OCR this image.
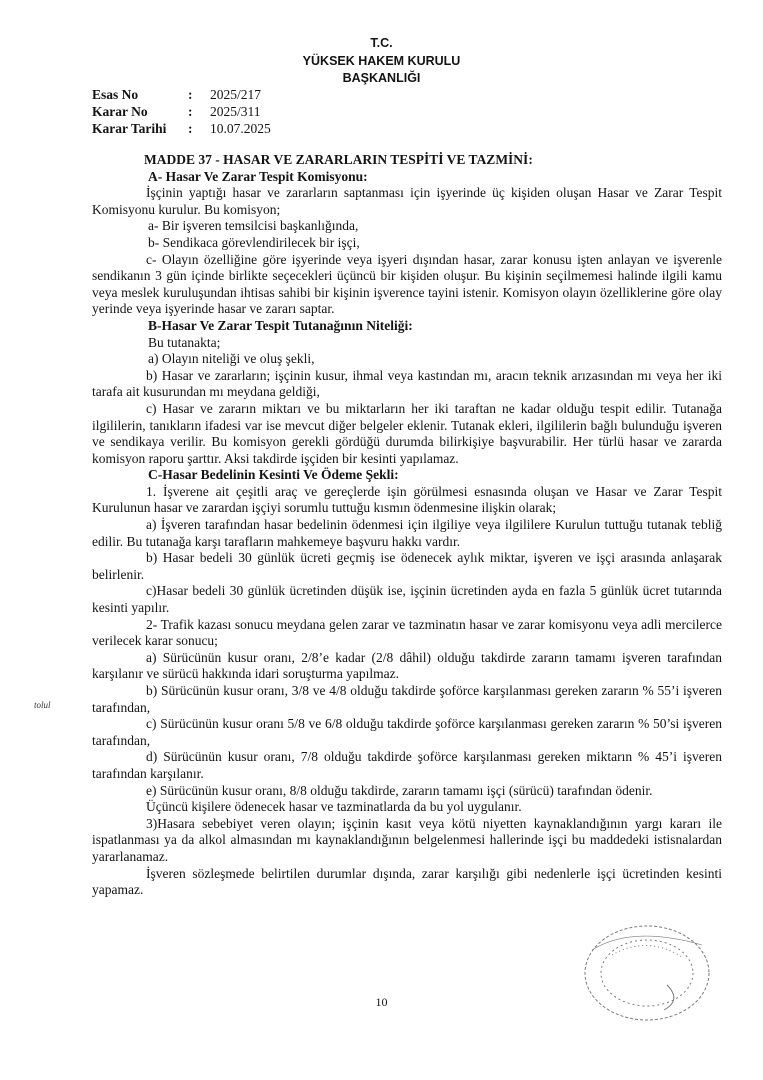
T.C.
YÜKSEK HAKEM KURULU
BAŞKANLIĞI
Esas No	:	2025/217
Karar No	:	2025/311
Karar Tarihi	:	10.07.2025

MADDE 37 - HASAR VE ZARARLARIN TESPİTİ VE TAZMİNİ:

A- Hasar Ve Zarar Tespit Komisyonu:

İşçinin yaptığı hasar ve zararların saptanması için işyerinde üç kişiden oluşan Hasar ve Zarar Tespit Komisyonu kurulur. Bu komisyon;

a- Bir işveren temsilcisi başkanlığında,

b- Sendikaca görevlendirilecek bir işçi,

c- Olayın özelliğine göre işyerinde veya işyeri dışından hasar, zarar konusu işten anlayan ve işverenle sendikanın 3 gün içinde birlikte seçecekleri üçüncü bir kişiden oluşur. Bu kişinin seçilmemesi halinde ilgili kamu veya meslek kuruluşundan ihtisas sahibi bir kişinin işverence tayini istenir. Komisyon olayın özelliklerine göre olay yerinde veya işyerinde hasar ve zararı saptar.

B-Hasar Ve Zarar Tespit Tutanağının Niteliği:

Bu tutanakta;

a) Olayın niteliği ve oluş şekli,

b) Hasar ve zararların; işçinin kusur, ihmal veya kastından mı, aracın teknik arızasından mı veya her iki tarafa ait kusurundan mı meydana geldiği,

c) Hasar ve zararın miktarı ve bu miktarların her iki taraftan ne kadar olduğu tespit edilir. Tutanağa ilgililerin, tanıkların ifadesi var ise mevcut diğer belgeler eklenir. Tutanak ekleri, ilgililerin bağlı bulunduğu işveren ve sendikaya verilir. Bu komisyon gerekli gördüğü durumda bilirkişiye başvurabilir. Her türlü hasar ve zararda komisyon raporu şarttır. Aksi takdirde işçiden bir kesinti yapılamaz.

C-Hasar Bedelinin Kesinti Ve Ödeme Şekli:

1. İşverene ait çeşitli araç ve gereçlerde işin görülmesi esnasında oluşan ve Hasar ve Zarar Tespit Kurulunun hasar ve zarardan işçiyi sorumlu tuttuğu kısmın ödenmesine ilişkin olarak;

a) İşveren tarafından hasar bedelinin ödenmesi için ilgiliye veya ilgililere Kurulun tuttuğu tutanak tebliğ edilir. Bu tutanağa karşı tarafların mahkemeye başvuru hakkı vardır.

b) Hasar bedeli 30 günlük ücreti geçmiş ise ödenecek aylık miktar, işveren ve işçi arasında anlaşarak belirlenir.

c)Hasar bedeli 30 günlük ücretinden düşük ise, işçinin ücretinden ayda en fazla 5 günlük ücret tutarında kesinti yapılır.

2- Trafik kazası sonucu meydana gelen zarar ve tazminatın hasar ve zarar komisyonu veya adli mercilerce verilecek karar sonucu;

a) Sürücünün kusur oranı, 2/8’e kadar (2/8 dâhil) olduğu takdirde zararın tamamı işveren tarafından karşılanır ve sürücü hakkında idari soruşturma yapılmaz.

b) Sürücünün kusur oranı, 3/8 ve 4/8 olduğu takdirde şoförce karşılanması gereken zararın % 55’i işveren tarafından,

c) Sürücünün kusur oranı 5/8 ve 6/8 olduğu takdirde şoförce karşılanması gereken zararın % 50’si işveren tarafından,

d) Sürücünün kusur oranı, 7/8 olduğu takdirde şoförce karşılanması gereken miktarın % 45’i işveren tarafından karşılanır.

e) Sürücünün kusur oranı, 8/8 olduğu takdirde, zararın tamamı işçi (sürücü) tarafından ödenir.

Üçüncü kişilere ödenecek hasar ve tazminatlarda da bu yol uygulanır.

3)Hasara sebebiyet veren olayın; işçinin kasıt veya kötü niyetten kaynaklandığının yargı kararı ile ispatlanması ya da alkol almasından mı kaynaklandığının belgelenmesi hallerinde işçi bu maddedeki istisnalardan yararlanamaz.

İşveren sözleşmede belirtilen durumlar dışında, zarar karşılığı gibi nedenlerle işçi ücretinden kesinti yapamaz.

tolul
10
